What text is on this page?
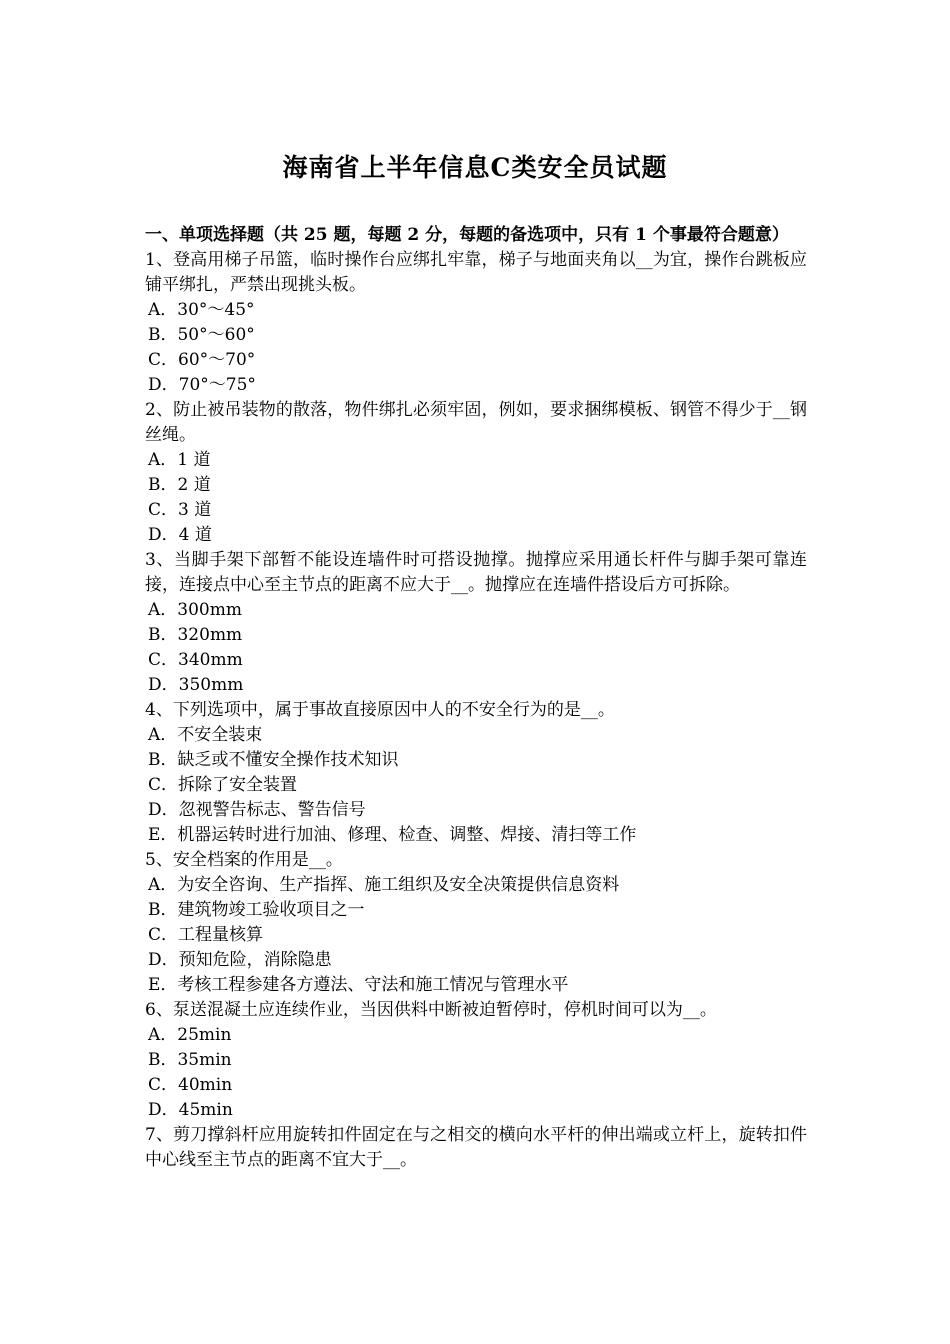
海南省上半年信息C类安全员试题
一、单项选择题（共 25 题，每题 2 分，每题的备选项中，只有 1 个事最符合题意）
1、登高用梯子吊篮，临时操作台应绑扎牢靠，梯子与地面夹角以__为宜，操作台跳板应铺平绑扎，严禁出现挑头板。
A．30°～45°
B．50°～60°
C．60°～70°
D．70°～75°
2、防止被吊装物的散落，物件绑扎必须牢固，例如，要求捆绑模板、钢管不得少于__钢丝绳。
A．1 道
B．2 道
C．3 道
D．4 道
3、当脚手架下部暂不能设连墙件时可搭设抛撑。抛撑应采用通长杆件与脚手架可靠连接，连接点中心至主节点的距离不应大于__。抛撑应在连墙件搭设后方可拆除。
A．300mm
B．320mm
C．340mm
D．350mm
4、下列选项中，属于事故直接原因中人的不安全行为的是__。
A．不安全装束
B．缺乏或不懂安全操作技术知识
C．拆除了安全装置
D．忽视警告标志、警告信号
E．机器运转时进行加油、修理、检查、调整、焊接、清扫等工作
5、安全档案的作用是__。
A．为安全咨询、生产指挥、施工组织及安全决策提供信息资料
B．建筑物竣工验收项目之一
C．工程量核算
D．预知危险，消除隐患
E．考核工程参建各方遵法、守法和施工情况与管理水平
6、泵送混凝土应连续作业，当因供料中断被迫暂停时，停机时间可以为__。
A．25min
B．35min
C．40min
D．45min
7、剪刀撑斜杆应用旋转扣件固定在与之相交的横向水平杆的伸出端或立杆上，旋转扣件中心线至主节点的距离不宜大于__。
